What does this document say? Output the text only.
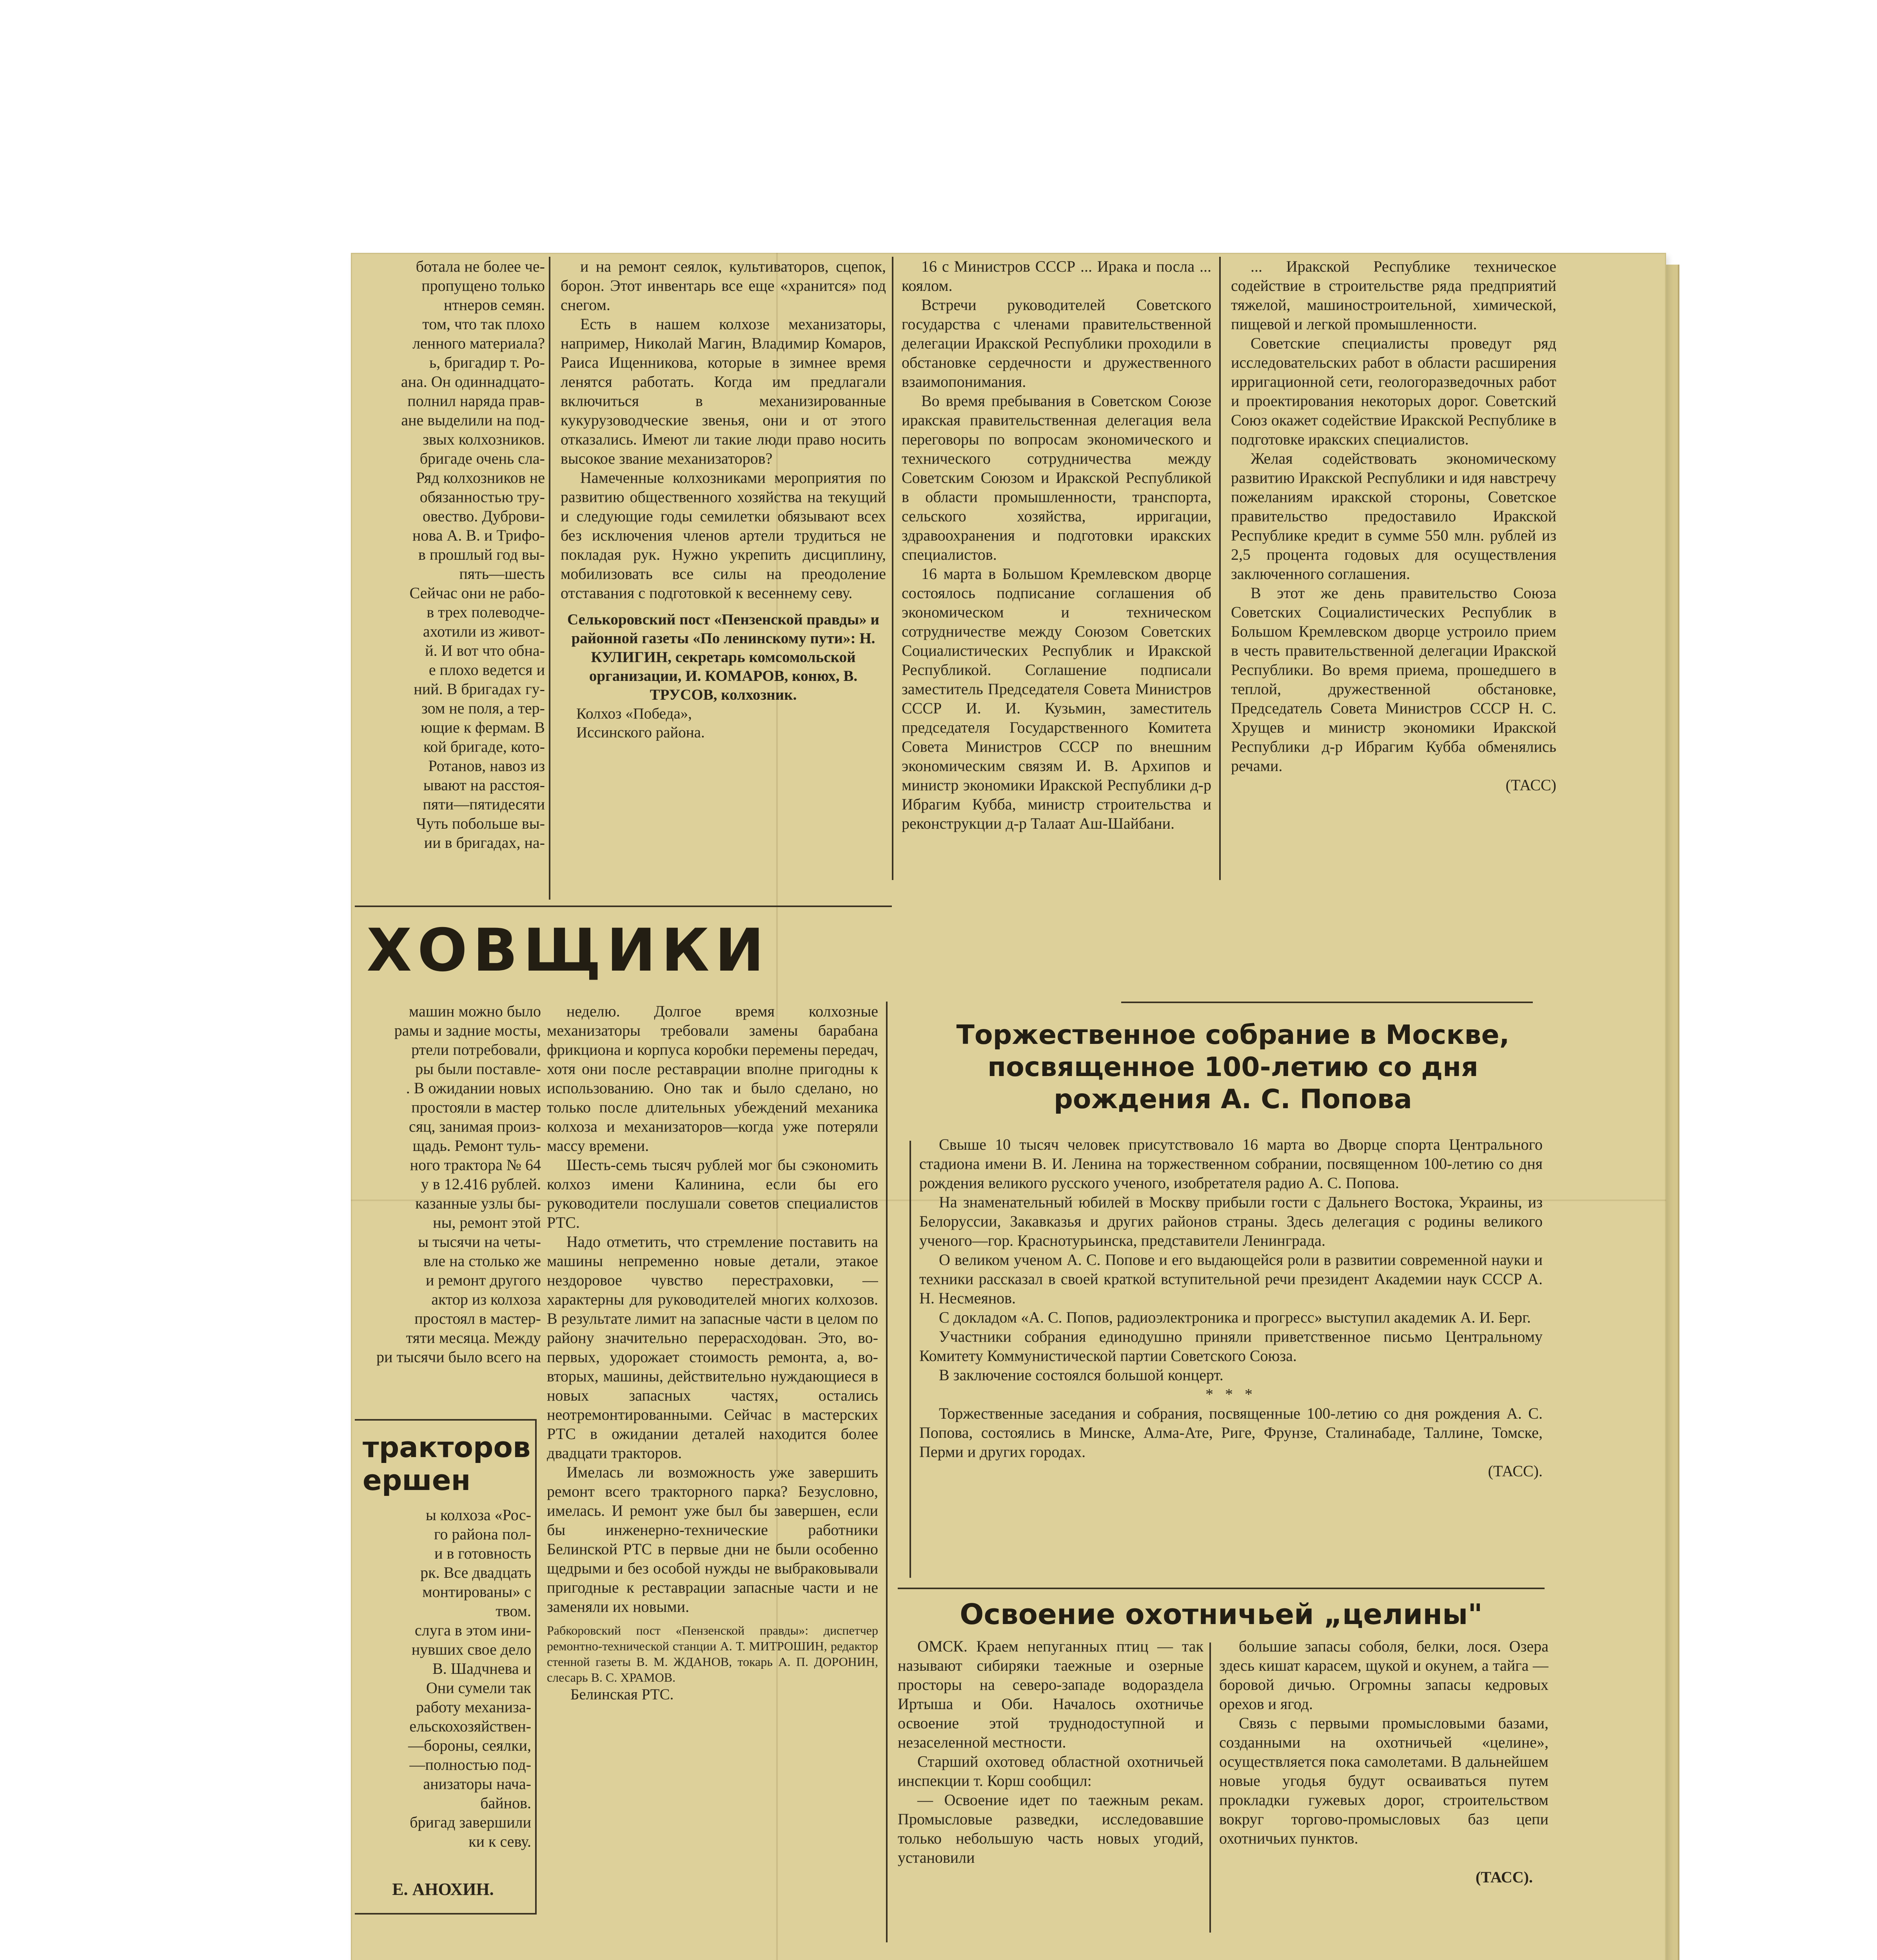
ботала не более че-
пропущено только
нтнеров семян.
том, что так плохо
ленного материала?
ь, бригадир т. Ро-
ана. Он одиннадцато-
полнил наряда прав-
ане выделили на под-
звых колхозников.
бригаде очень сла-
Ряд колхозников не
обязанностью тру-
овество. Дуброви-
нова А. В. и Трифо-
в прошлый год вы-
пять—шесть
Сейчас они не рабо-
в трех полеводче-
ахотили из живот-
й. И вот что обна-
е плохо ведется и
ний. В бригадах гу-
зом не поля, а тер-
ющие к фермам. В
кой бригаде, кото-
Ротанов, навоз из
ывают на расстоя-
пяти—пятидесяти
Чуть побольше вы-
ии в бригадах, на-

и на ремонт сеялок, культиваторов, сцепок, борон. Этот инвентарь все еще «хранится» под снегом.

Есть в нашем колхозе механизаторы, например, Николай Магин, Владимир Комаров, Раиса Ищенникова, которые в зимнее время ленятся работать. Когда им предлагали включиться в механизированные кукурузоводческие звенья, они и от этого отказались. Имеют ли такие люди право носить высокое звание механизаторов?

Намеченные колхозниками мероприятия по развитию общественного хозяйства на текущий и следующие годы семилетки обязывают всех без исключения членов артели трудиться не покладая рук. Нужно укрепить дисциплину, мобилизовать все силы на преодоление отставания с подготовкой к весеннему севу.

Селькоровский пост «Пензенской правды» и районной газеты «По ленинскому пути»: Н. КУЛИГИН, секретарь комсомольской организации, И. КОМАРОВ, конюх, В. ТРУСОВ, колхозник.
Колхоз «Победа»,
Иссинского района.

16 с Министров СССР ... Ирака и посла ... коялом.

Встречи руководителей Советского государства с членами правительственной делегации Иракской Республики проходили в обстановке сердечности и дружественного взаимопонимания.

Во время пребывания в Советском Союзе иракская правительственная делегация вела переговоры по вопросам экономического и технического сотрудничества между Советским Союзом и Иракской Республикой в области промышленности, транспорта, сельского хозяйства, ирригации, здравоохранения и подготовки иракских специалистов.

16 марта в Большом Кремлевском дворце состоялось подписание соглашения об экономическом и техническом сотрудничестве между Союзом Советских Социалистических Республик и Иракской Республикой. Соглашение подписали заместитель Председателя Совета Министров СССР И. И. Кузьмин, заместитель председателя Государственного Комитета Совета Министров СССР по внешним экономическим связям И. В. Архипов и министр экономики Иракской Республики д-р Ибрагим Кубба, министр строительства и реконструкции д-р Талаат Аш-Шайбани.

... Иракской Республике техническое содействие в строительстве ряда предприятий тяжелой, машиностроительной, химической, пищевой и легкой промышленности.

Советские специалисты проведут ряд исследовательских работ в области расширения ирригационной сети, геологоразведочных работ и проектирования некоторых дорог. Советский Союз окажет содействие Иракской Республике в подготовке иракских специалистов.

Желая содействовать экономическому развитию Иракской Республики и идя навстречу пожеланиям иракской стороны, Советское правительство предоставило Иракской Республике кредит в сумме 550 млн. рублей из 2,5 процента годовых для осуществления заключенного соглашения.

В этот же день правительство Союза Советских Социалистических Республик в Большом Кремлевском дворце устроило прием в честь правительственной делегации Иракской Республики. Во время приема, прошедшего в теплой, дружественной обстановке, Председатель Совета Министров СССР Н. С. Хрущев и министр экономики Иракской Республики д-р Ибрагим Кубба обменялись речами.

(ТАСС)
ХОВЩИКИ
машин можно было
рамы и задние мосты,
ртели потребовали,
ры были поставле-
. В ожидании новых
простояли в мастер
сяц, занимая произ-
щадь. Ремонт туль-
ного трактора № 64
у в 12.416 рублей.
казанные узлы бы-
ны, ремонт этой
ы тысячи на четы-
вле на столько же
и ремонт другого
актор из колхоза
простоял в мастер-
тяти месяца. Между
ри тысячи было всего на
тракторов
ершен
ы колхоза «Рос-
го района пол-
и в готовность
рк. Все двадцать
монтированы» с
твом.
слуга в этом ини-
нувших свое дело
В. Шадчнева и
Они сумели так
работу механиза-
ельскохозяйствен-
—бороны, сеялки,
—полностью под-
анизаторы нача-
байнов.
бригад завершили
ки к севу.
Е. АНОХИН.

неделю. Долгое время колхозные механизаторы требовали замены барабана фрикциона и корпуса коробки перемены передач, хотя они после реставрации вполне пригодны к использованию. Оно так и было сделано, но только после длительных убеждений механика колхоза и механизаторов—когда уже потеряли массу времени.

Шесть-семь тысяч рублей мог бы сэкономить колхоз имени Калинина, если бы его руководители послушали советов специалистов РТС.

Надо отметить, что стремление поставить на машины непременно новые детали, этакое нездоровое чувство перестраховки, — характерны для руководителей многих колхозов. В результате лимит на запасные части в целом по району значительно перерасходован. Это, во-первых, удорожает стоимость ремонта, а, во-вторых, машины, действительно нуждающиеся в новых запасных частях, остались неотремонтированными. Сейчас в мастерских РТС в ожидании деталей находится более двадцати тракторов.

Имелась ли возможность уже завершить ремонт всего тракторного парка? Безусловно, имелась. И ремонт уже был бы завершен, если бы инженерно-технические работники Белинской РТС в первые дни не были особенно щедрыми и без особой нужды не выбраковывали пригодные к реставрации запасные части и не заменяли их новыми.

Рабкоровский пост «Пензенской правды»: диспетчер ремонтно-технической станции А. Т. МИТРОШИН, редактор стенной газеты В. М. ЖДАНОВ, токарь А. П. ДОРОНИН, слесарь В. С. ХРАМОВ.
Белинская РТС.
Торжественное собрание в Москве, посвященное 100-летию со дня рождения А. С. Попова

Свыше 10 тысяч человек присутствовало 16 марта во Дворце спорта Центрального стадиона имени В. И. Ленина на торжественном собрании, посвященном 100-летию со дня рождения великого русского ученого, изобретателя радио А. С. Попова.

На знаменательный юбилей в Москву прибыли гости с Дальнего Востока, Украины, из Белоруссии, Закавказья и других районов страны. Здесь делегация с родины великого ученого—гор. Краснотурьинска, представители Ленинграда.

О великом ученом А. С. Попове и его выдающейся роли в развитии современной науки и техники рассказал в своей краткой вступительной речи президент Академии наук СССР А. Н. Несмеянов.

С докладом «А. С. Попов, радиоэлектроника и прогресс» выступил академик А. И. Берг.

Участники собрания единодушно приняли приветственное письмо Центральному Комитету Коммунистической партии Советского Союза.

В заключение состоялся большой концерт.

* * *
Торжественные заседания и собрания, посвященные 100-летию со дня рождения А. С. Попова, состоялись в Минске, Алма-Ате, Риге, Фрунзе, Сталинабаде, Таллине, Томске, Перми и других городах.
(ТАСС).
Освоение охотничьей „целины"

ОМСК. Краем непуганных птиц — так называют сибиряки таежные и озерные просторы на северо-западе водораздела Иртыша и Оби. Началось охотничье освоение этой труднодоступной и незаселенной местности.

Старший охотовед областной охотничьей инспекции т. Корш сообщил:

— Освоение идет по таежным рекам. Промысловые разведки, исследовавшие только небольшую часть новых угодий, установили

большие запасы соболя, белки, лося. Озера здесь кишат карасем, щукой и окунем, а тайга — боровой дичью. Огромны запасы кедровых орехов и ягод.

Связь с первыми промысловыми базами, созданными на охотничьей «целине», осуществляется пока самолетами. В дальнейшем новые угодья будут осваиваться путем прокладки гужевых дорог, строительством вокруг торгово-промысловых баз цепи охотничьих пунктов.

(ТАСС).
